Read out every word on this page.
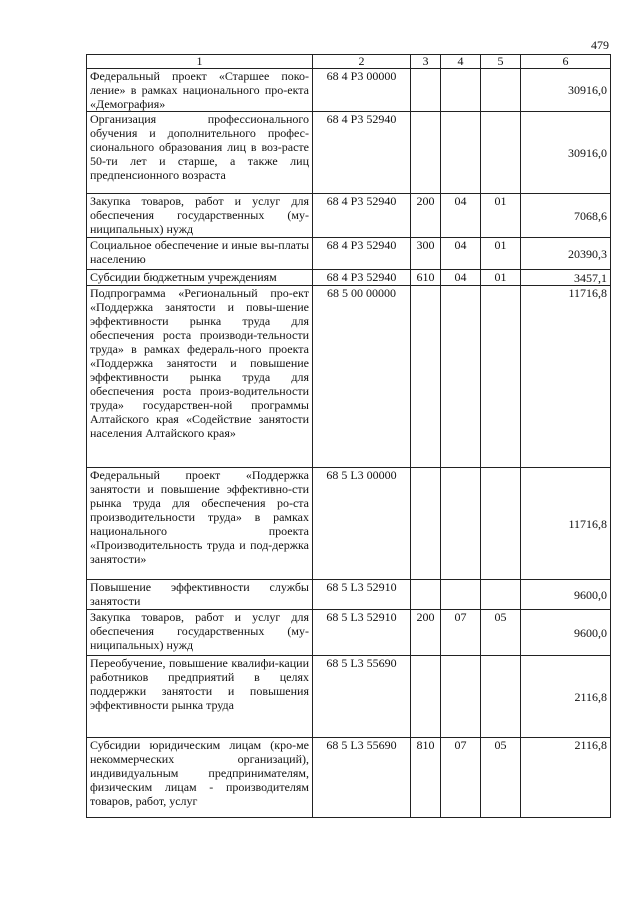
479
1	2	3	4	5	6
Федеральный проект «Старшее поко-ление» в рамках национального про-екта «Демография»	68 4 Р3 00000				30916,0
Организация профессионального обучения и дополнительного профес-сионального образования лиц в воз-расте 50-ти лет и старше, а также лиц предпенсионного возраста	68 4 Р3 52940				30916,0
Закупка товаров, работ и услуг для обеспечения государственных (му-ниципальных) нужд	68 4 Р3 52940	200	04	01	7068,6
Социальное обеспечение и иные вы-платы населению	68 4 Р3 52940	300	04	01	20390,3
Субсидии бюджетным учреждениям	68 4 Р3 52940	610	04	01	3457,1
Подпрограмма «Региональный про-ект «Поддержка занятости и повы-шение эффективности рынка труда для обеспечения роста производи-тельности труда» в рамках федераль-ного проекта «Поддержка занятости и повышение эффективности рынка труда для обеспечения роста произ-водительности труда» государствен-ной программы Алтайского края «Содействие занятости населения Алтайского края»	68 5 00 00000				11716,8
Федеральный проект «Поддержка занятости и повышение эффективно-сти рынка труда для обеспечения ро-ста производительности труда» в рамках национального проекта «Производительность труда и под-держка занятости»	68 5 L3 00000				11716,8
Повышение эффективности службы занятости	68 5 L3 52910				9600,0
Закупка товаров, работ и услуг для обеспечения государственных (му-ниципальных) нужд	68 5 L3 52910	200	07	05	9600,0
Переобучение, повышение квалифи-кации работников предприятий в целях поддержки занятости и повышения эффективности рынка труда	68 5 L3 55690				2116,8
Субсидии юридическим лицам (кро-ме некоммерческих организаций), индивидуальным предпринимателям, физическим лицам - производителям товаров, работ, услуг	68 5 L3 55690	810	07	05	2116,8
